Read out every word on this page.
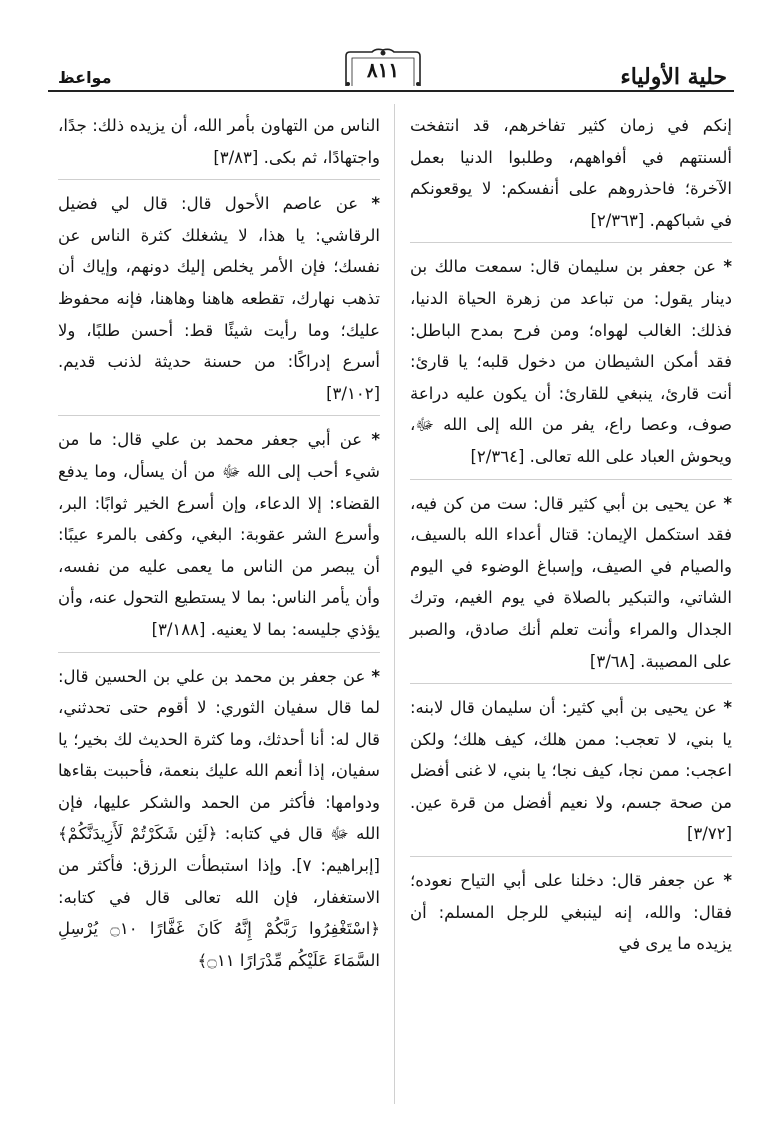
حلية الأولياء
٨١١
مواعظ

إنكم في زمان كثير تفاخرهم، قد انتفخت ألسنتهم في أفواههم، وطلبوا الدنيا بعمل الآخرة؛ فاحذروهم على أنفسكم: لا يوقعونكم في شباكهم. [٢/٣٦٣]

* عن جعفر بن سليمان قال: سمعت مالك بن دينار يقول: من تباعد من زهرة الحياة الدنيا، فذلك: الغالب لهواه؛ ومن فرح بمدح الباطل: فقد أمكن الشيطان من دخول قلبه؛ يا قارئ: أنت قارئ، ينبغي للقارئ: أن يكون عليه دراعة صوف، وعصا راع، يفر من الله إلى الله ﷻ، ويحوش العباد على الله تعالى. [٢/٣٦٤]

* عن يحيى بن أبي كثير قال: ست من كن فيه، فقد استكمل الإيمان: قتال أعداء الله بالسيف، والصيام في الصيف، وإسباغ الوضوء في اليوم الشاتي، والتبكير بالصلاة في يوم الغيم، وترك الجدال والمراء وأنت تعلم أنك صادق، والصبر على المصيبة. [٣/٦٨]

* عن يحيى بن أبي كثير: أن سليمان قال لابنه: يا بني، لا تعجب: ممن هلك، كيف هلك؛ ولكن اعجب: ممن نجا، كيف نجا؛ يا بني، لا غنى أفضل من صحة جسم، ولا نعيم أفضل من قرة عين. [٣/٧٢]

* عن جعفر قال: دخلنا على أبي التياح نعوده؛ فقال: والله، إنه لينبغي للرجل المسلم: أن يزيده ما يرى في

الناس من التهاون بأمر الله، أن يزيده ذلك: جدًا، واجتهادًا، ثم بكى. [٣/٨٣]

* عن عاصم الأحول قال: قال لي فضيل الرقاشي: يا هذا، لا يشغلك كثرة الناس عن نفسك؛ فإن الأمر يخلص إليك دونهم، وإياك أن تذهب نهارك، تقطعه هاهنا وهاهنا، فإنه محفوظ عليك؛ وما رأيت شيئًا قط: أحسن طلبًا، ولا أسرع إدراكًا: من حسنة حديثة لذنب قديم. [٣/١٠٢]

* عن أبي جعفر محمد بن علي قال: ما من شيء أحب إلى الله ﷻ من أن يسأل، وما يدفع القضاء: إلا الدعاء، وإن أسرع الخير ثوابًا: البر، وأسرع الشر عقوبة: البغي، وكفى بالمرء عيبًا: أن يبصر من الناس ما يعمى عليه من نفسه، وأن يأمر الناس: بما لا يستطيع التحول عنه، وأن يؤذي جليسه: بما لا يعنيه. [٣/١٨٨]

* عن جعفر بن محمد بن علي بن الحسين قال: لما قال سفيان الثوري: لا أقوم حتى تحدثني، قال له: أنا أحدثك، وما كثرة الحديث لك بخير؛ يا سفيان، إذا أنعم الله عليك بنعمة، فأحببت بقاءها ودوامها: فأكثر من الحمد والشكر عليها، فإن الله ﷻ قال في كتابه: ﴿لَئِن شَكَرْتُمْ لَأَزِيدَنَّكُمْ﴾ [إبراهيم: ٧]. وإذا استبطأت الرزق: فأكثر من الاستغفار، فإن الله تعالى قال في كتابه: ﴿اسْتَغْفِرُوا رَبَّكُمْ إِنَّهُ كَانَ غَفَّارًا ۝١٠ يُرْسِلِ السَّمَاءَ عَلَيْكُم مِّدْرَارًا ۝١١﴾
